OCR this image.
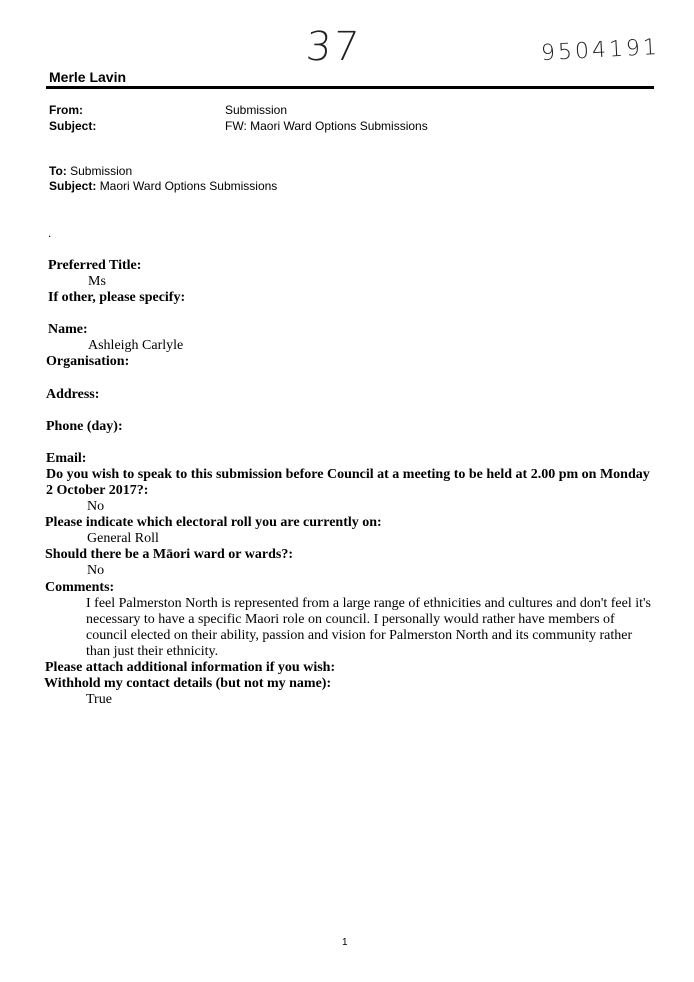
37	9504191
Merle Lavin
From:	Submission
Subject:	FW: Maori Ward Options Submissions
To: Submission
Subject: Maori Ward Options Submissions
.
Preferred Title:
Ms
If other, please specify:
Name:
Ashleigh Carlyle
Organisation:
Address:
Phone (day):
Email:
Do you wish to speak to this submission before Council at a meeting to be held at 2.00 pm on Monday
2 October 2017?:
No
Please indicate which electoral roll you are currently on:
General Roll
Should there be a Māori ward or wards?:
No
Comments:
I feel Palmerston North is represented from a large range of ethnicities and cultures and don't feel it's necessary to have a specific Maori role on council. I personally would rather have members of council elected on their ability, passion and vision for Palmerston North and its community rather than just their ethnicity.
Please attach additional information if you wish:
Withhold my contact details (but not my name):
True
1
